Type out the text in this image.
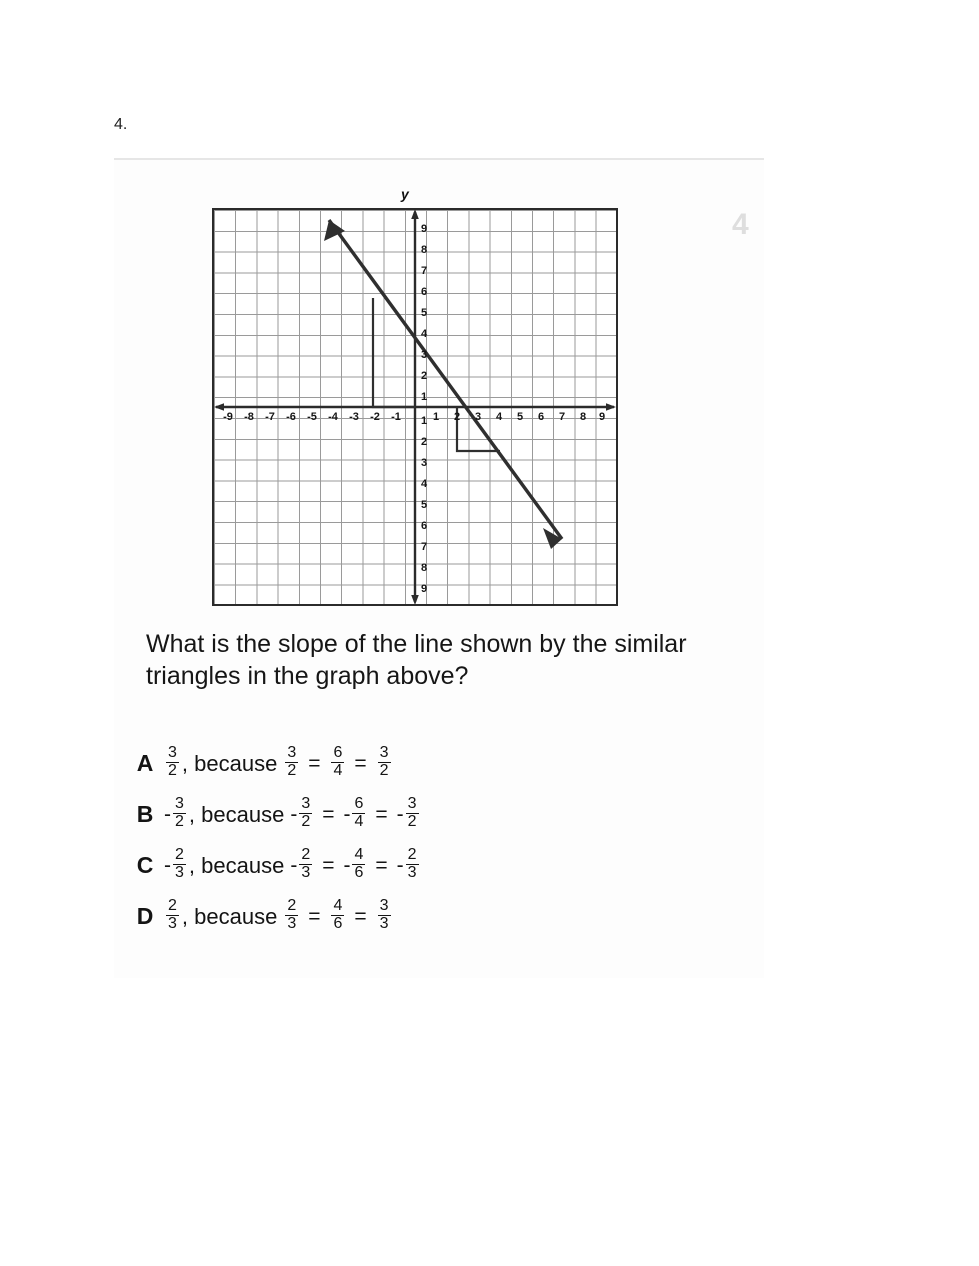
4.
y
4
-9 -8 -7 -6 -5 -4 -3 -2 -1	1 2 3 4 5 6 7 8 9
9
8
7
6
5
4
3
2
1
1
2
3
4
5
6
7
8
9
What is the slope of the line shown by the similar triangles in the graph above?
A $\frac{3}{2}$ , because $\frac{3}{2} = \frac{6}{4} = \frac{3}{2}$
B - $\frac{3}{2}$ , because - $\frac{3}{2}$ = - $\frac{6}{4}$ = - $\frac{3}{2}$
C - $\frac{2}{3}$ , because - $\frac{2}{3}$ = - $\frac{4}{6}$ = - $\frac{2}{3}$
D $\frac{2}{3}$ , because $\frac{2}{3} = \frac{4}{6} = \frac{3}{3}$
